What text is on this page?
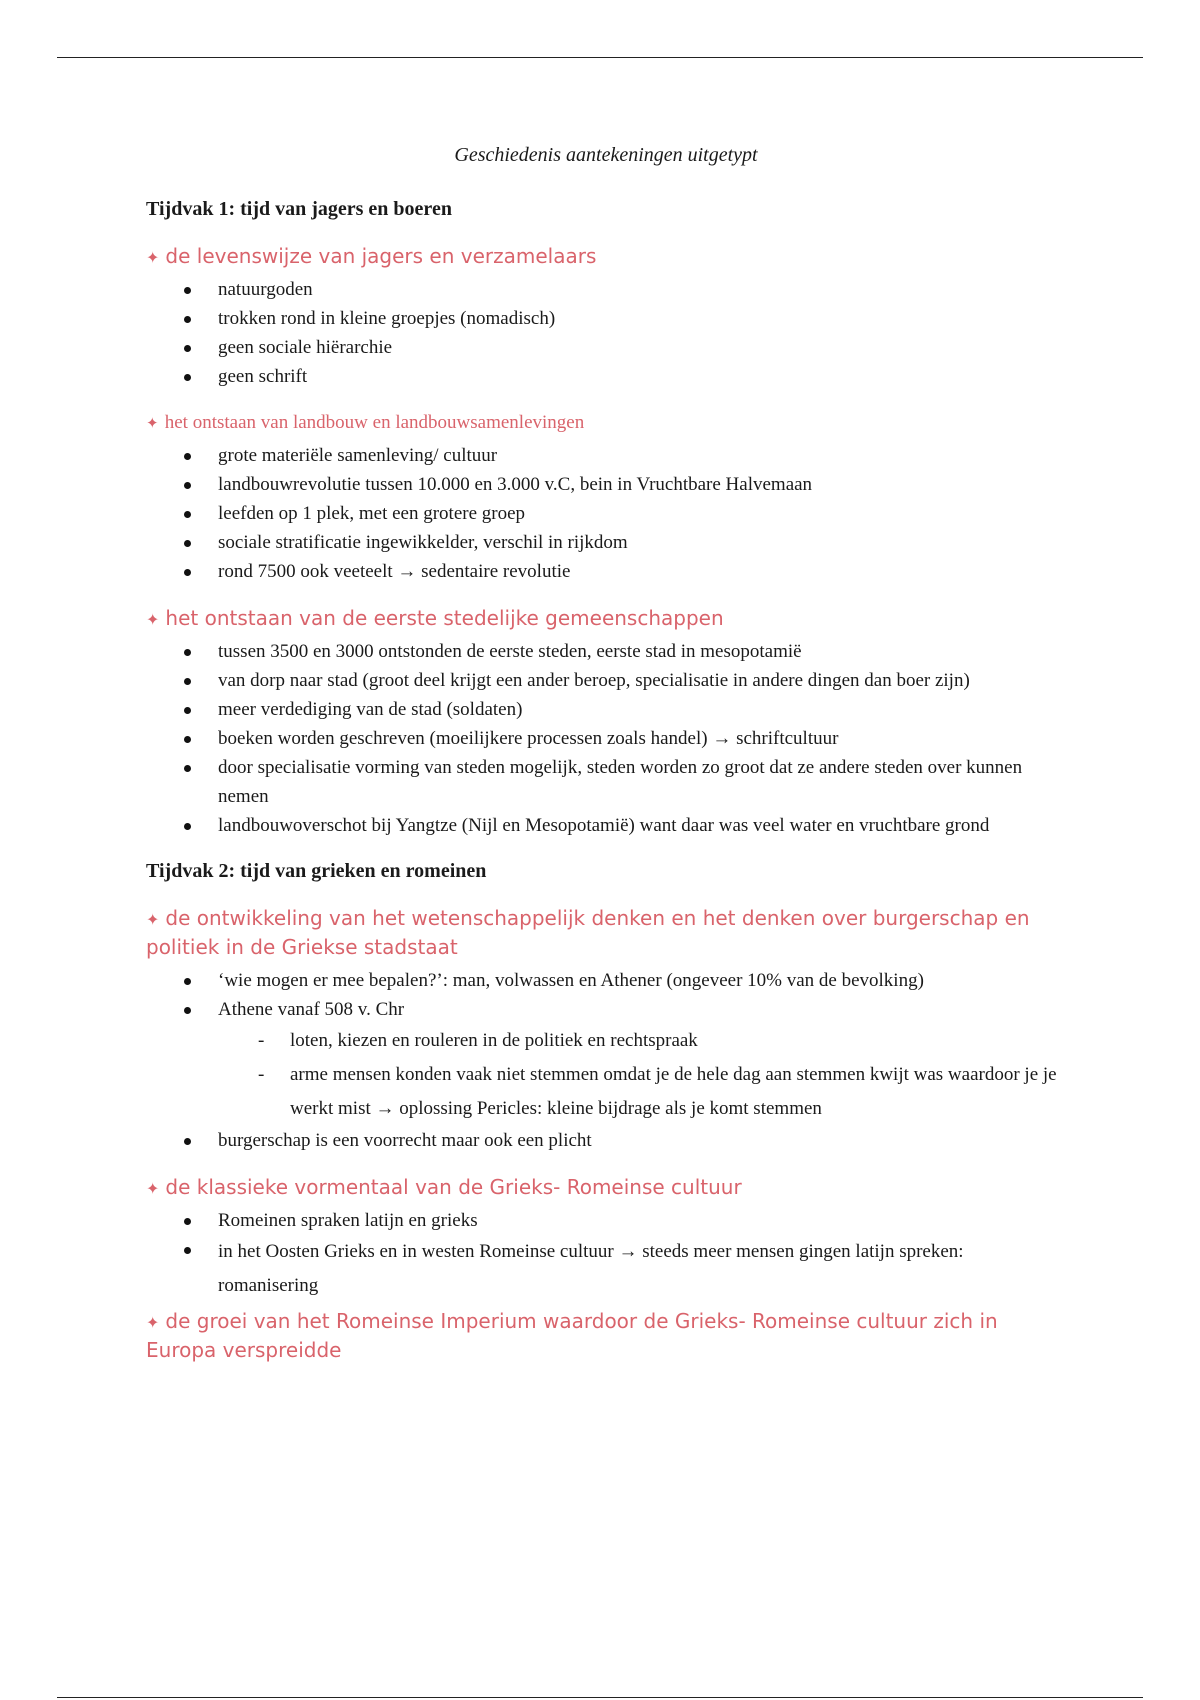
Geschiedenis aantekeningen uitgetypt
Tijdvak 1: tijd van jagers en boeren
✦ de levenswijze van jagers en verzamelaars
natuurgoden
trokken rond in kleine groepjes (nomadisch)
geen sociale hiërarchie
geen schrift
✦ het ontstaan van landbouw en landbouwsamenlevingen
grote materiële samenleving/ cultuur
landbouwrevolutie tussen 10.000 en 3.000 v.C, bein in Vruchtbare Halvemaan
leefden op 1 plek, met een grotere groep
sociale stratificatie ingewikkelder, verschil in rijkdom
rond 7500 ook veeteelt → sedentaire revolutie
✦ het ontstaan van de eerste stedelijke gemeenschappen
tussen 3500 en 3000 ontstonden de eerste steden, eerste stad in mesopotamië
van dorp naar stad (groot deel krijgt een ander beroep, specialisatie in andere dingen dan boer zijn)
meer verdediging van de stad (soldaten)
boeken worden geschreven (moeilijkere processen zoals handel) → schriftcultuur
door specialisatie vorming van steden mogelijk, steden worden zo groot dat ze andere steden over kunnen nemen
landbouwoverschot bij Yangtze (Nijl en Mesopotamië) want daar was veel water en vruchtbare grond
Tijdvak 2: tijd van grieken en romeinen
✦ de ontwikkeling van het wetenschappelijk denken en het denken over burgerschap en politiek in de Griekse stadstaat
‘wie mogen er mee bepalen?’: man, volwassen en Athener (ongeveer 10% van de bevolking)
Athene vanaf 508 v. Chr
- loten, kiezen en rouleren in de politiek en rechtspraak
- arme mensen konden vaak niet stemmen omdat je de hele dag aan stemmen kwijt was waardoor je je werkt mist → oplossing Pericles: kleine bijdrage als je komt stemmen
burgerschap is een voorrecht maar ook een plicht
✦ de klassieke vormentaal van de Grieks- Romeinse cultuur
Romeinen spraken latijn en grieks
in het Oosten Grieks en in westen Romeinse cultuur → steeds meer mensen gingen latijn spreken: romanisering
✦ de groei van het Romeinse Imperium waardoor de Grieks- Romeinse cultuur zich in Europa verspreidde
